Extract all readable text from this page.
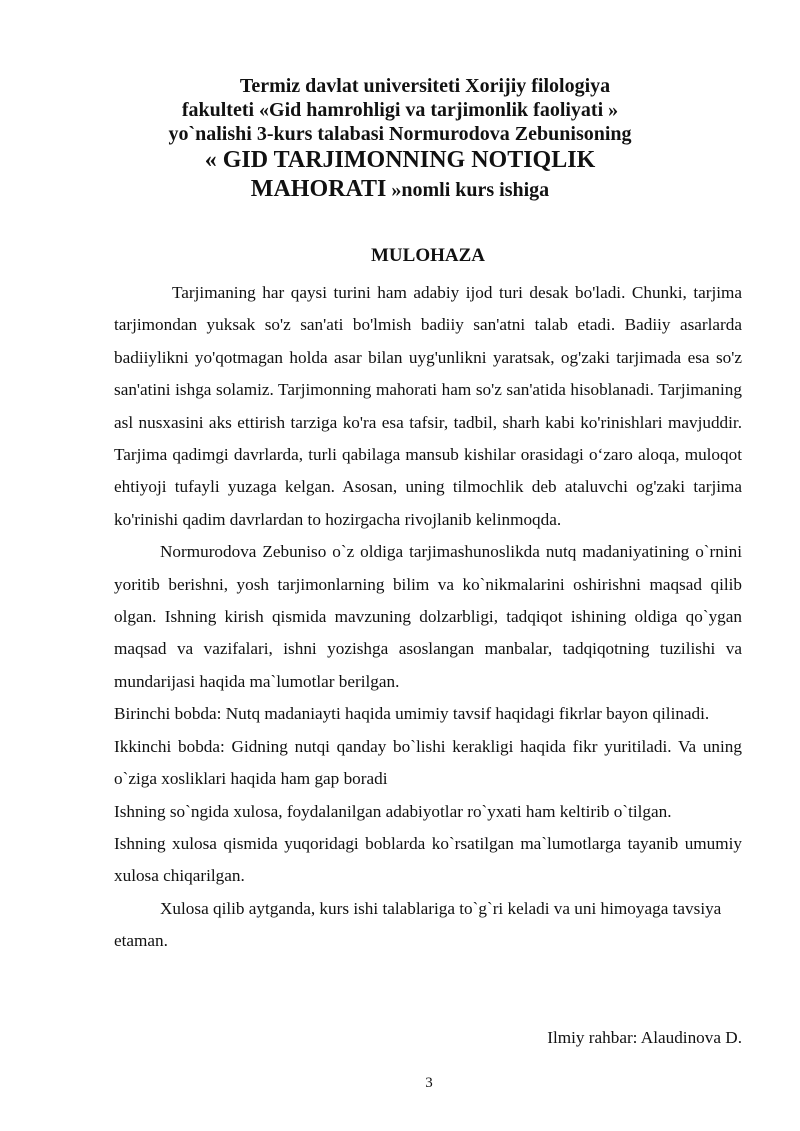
Termiz davlat universiteti Xorijiy filologiya
fakulteti «Gid hamrohligi va tarjimonlik faoliyati »
yo`nalishi 3-kurs talabasi Normurodova Zebunisoning
« GID TARJIMONNING NOTIQLIK
MAHORATI »nomli kurs ishiga
MULOHAZA

Tarjimaning har qaysi turini ham adabiy ijod turi desak bo'ladi. Chunki, tarjima tarjimondan yuksak so'z san'ati bo'lmish badiiy san'atni talab etadi. Badiiy asarlarda badiiylikni yo'qotmagan holda asar bilan uyg'unlikni yaratsak, og'zaki tarjimada esa so'z san'atini ishga solamiz. Tarjimonning mahorati ham so'z san'atida hisoblanadi. Tarjimaning asl nusxasini aks ettirish tarziga ko'ra esa tafsir, tadbil, sharh kabi ko'rinishlari mavjuddir. Tarjima qadimgi davrlarda, turli qabilaga mansub kishilar orasidagi o‘zaro aloqa, muloqot ehtiyoji tufayli yuzaga kelgan. Asosan, uning tilmochlik deb ataluvchi og'zaki tarjima ko'rinishi qadim davrlardan to hozirgacha rivojlanib kelinmoqda.

Normurodova Zebuniso o`z oldiga tarjimashunoslikda nutq madaniyatining o`rnini yoritib berishni, yosh tarjimonlarning bilim va ko`nikmalarini oshirishni maqsad qilib olgan. Ishning kirish qismida mavzuning dolzarbligi, tadqiqot ishining oldiga qo`ygan maqsad va vazifalari, ishni yozishga asoslangan manbalar, tadqiqotning tuzilishi va mundarijasi haqida ma`lumotlar berilgan.

Birinchi bobda: Nutq madaniayti haqida umimiy tavsif haqidagi fikrlar bayon qilinadi.

Ikkinchi bobda: Gidning nutqi qanday bo`lishi kerakligi haqida fikr yuritiladi. Va uning o`ziga xosliklari haqida ham gap boradi

Ishning so`ngida xulosa, foydalanilgan adabiyotlar ro`yxati ham keltirib o`tilgan.

Ishning xulosa qismida yuqoridagi boblarda ko`rsatilgan ma`lumotlarga tayanib umumiy xulosa chiqarilgan.

Xulosa qilib aytganda, kurs ishi talablariga to`g`ri keladi va uni himoyaga tavsiya etaman.

Ilmiy rahbar: Alaudinova D.
3
